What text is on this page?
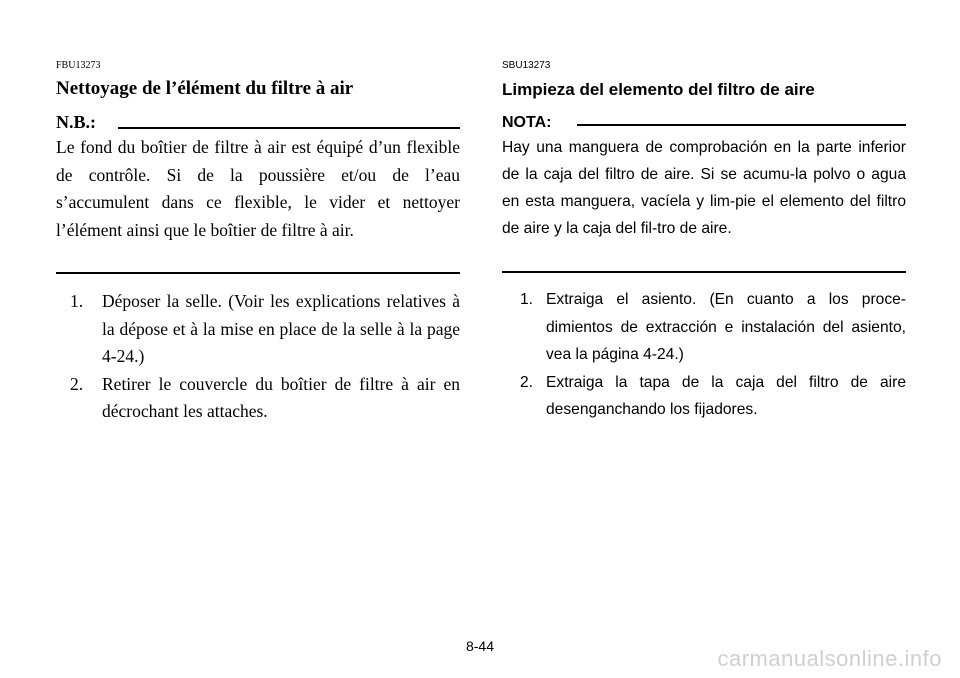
FBU13273
Nettoyage de l’élément du filtre à air
N.B.:
Le fond du boîtier de filtre à air est équipé d’un flexible de contrôle. Si de la poussière et/ou de l’eau s’accumulent dans ce flexible, le vider et nettoyer l’élément ainsi que le boîtier de filtre à air.
1. Déposer la selle. (Voir les explications relatives à la dépose et à la mise en place de la selle à la page 4-24.)
2. Retirer le couvercle du boîtier de filtre à air en décrochant les attaches.
SBU13273
Limpieza del elemento del filtro de aire
NOTA:
Hay una manguera de comprobación en la parte inferior de la caja del filtro de aire. Si se acumu-la polvo o agua en esta manguera, vacíela y lim-pie el elemento del filtro de aire y la caja del fil-tro de aire.
1. Extraiga el asiento. (En cuanto a los proce-dimientos de extracción e instalación del asiento, vea la página 4-24.)
2. Extraiga la tapa de la caja del filtro de aire desenganchando los fijadores.
8-44	carmanualsonline.info
